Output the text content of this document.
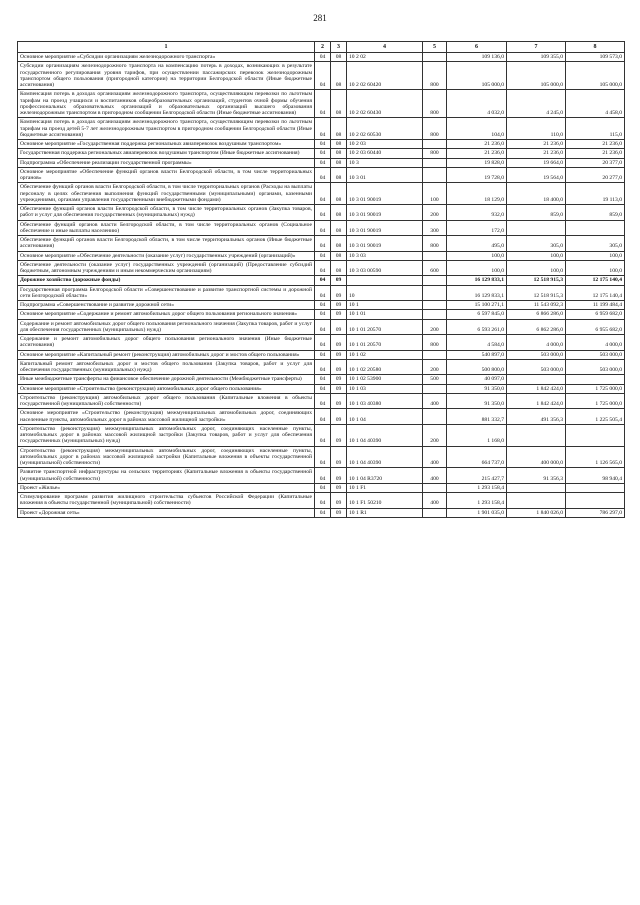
281
1	2	3	4	5	6	7	8
Основное мероприятие «Субсидии организациям железнодорожного транспорта»	04	08	10 2 02		109 136,0	109 355,0	109 573,0
Субсидии организациям железнодорожного транспорта на компенсацию потерь в доходах, возникающих в результате государственного регулирования уровня тарифов, при осуществлении пассажирских перевозок железнодорожным транспортом общего пользования (пригородной категории) на территории Белгородской области (Иные бюджетные ассигнования)	04	08	10 2 02 60420	800	105 000,0	105 000,0	105 000,0
Компенсация потерь в доходах организациям железнодорожного транспорта, осуществляющим перевозки по льготным тарифам на проезд учащихся и воспитанников общеобразовательных организаций, студентов очной формы обучения профессиональных образовательных организаций и образовательных организаций высшего образования железнодорожным транспортом в пригородном сообщении Белгородской области (Иные бюджетные ассигнования)	04	08	10 2 02 60430	800	4 032,0	4 245,0	4 458,0
Компенсация потерь в доходах организациям железнодорожного транспорта, осуществляющим перевозки по льготным тарифам на проезд детей 5-7 лет железнодорожным транспортом в пригородном сообщении Белгородской области (Иные бюджетные ассигнования)	04	08	10 2 02 60530	800	104,0	110,0	115,0
Основное мероприятие «Государственная поддержка региональных авиаперевозок воздушным транспортом»	04	08	10 2 03		21 236,0	21 236,0	21 236,0
Государственная поддержка региональных авиаперевозок воздушным транспортом (Иные бюджетные ассигнования)	04	08	10 2 03 60440	800	21 236,0	21 236,0	21 236,0
Подпрограмма «Обеспечение реализации государственной программы»	04	08	10 3		19 828,0	19 664,0	20 377,0
Основное мероприятие «Обеспечение функций органов власти Белгородской области, в том числе территориальных органов»	04	08	10 3 01		19 728,0	19 564,0	20 277,0
Обеспечение функций органов власти Белгородской области, в том числе территориальных органов (Расходы на выплаты персоналу в целях обеспечения выполнения функций государственными (муниципальными) органами, казенными учреждениями, органами управления государственными внебюджетными фондами)	04	08	10 3 01 90019	100	18 129,0	18 400,0	19 113,0
Обеспечение функций органов власти Белгородской области, в том числе территориальных органов (Закупка товаров, работ и услуг для обеспечения государственных (муниципальных) нужд)	04	08	10 3 01 90019	200	932,0	859,0	859,0
Обеспечение функций органов власти Белгородской области, в том числе территориальных органов (Социальное обеспечение и иные выплаты населению)	04	08	10 3 01 90019	300	172,0		
Обеспечение функций органов власти Белгородской области, в том числе территориальных органов (Иные бюджетные ассигнования)	04	08	10 3 01 90019	800	495,0	305,0	305,0
Основное мероприятие «Обеспечение деятельности (оказание услуг) государственных учреждений (организаций)»	04	08	10 3 03		100,0	100,0	100,0
Обеспечение деятельности (оказание услуг) государственных учреждений (организаций) (Предоставление субсидий бюджетным, автономным учреждениям и иным некоммерческим организациям)	04	08	10 3 03 00590	600	100,0	100,0	100,0
Дорожное хозяйство (дорожные фонды)	04	09			16 129 833,1	12 518 915,3	12 175 140,4
Государственная программа Белгородской области «Совершенствование и развитие транспортной системы и дорожной сети Белгородской области»	04	09	10		16 129 833,1	12 518 915,3	12 175 140,4
Подпрограмма «Совершенствование и развитие дорожной сети»	04	09	10 1		15 100 271,1	11 543 092,3	11 199 484,4
Основное мероприятие «Содержание и ремонт автомобильных дорог общего пользования регионального значения»	04	09	10 1 01		6 597 845,0	6 866 286,0	6 959 682,0
Содержание и ремонт автомобильных дорог общего пользования регионального значения (Закупка товаров, работ и услуг для обеспечения государственных (муниципальных) нужд)	04	09	10 1 01 20570	200	6 593 261,0	6 862 286,0	6 955 682,0
Содержание и ремонт автомобильных дорог общего пользования регионального значения (Иные бюджетные ассигнования)	04	09	10 1 01 20570	800	4 584,0	4 000,0	4 000,0
Основное мероприятие «Капитальный ремонт (реконструкция) автомобильных дорог и мостов общего пользования»	04	09	10 1 02		540 897,0	503 000,0	503 000,0
Капитальный ремонт автомобильных дорог и мостов общего пользования (Закупка товаров, работ и услуг для обеспечения государственных (муниципальных) нужд)	04	09	10 1 02 20580	200	500 800,0	503 000,0	503 000,0
Иные межбюджетные трансферты на финансовое обеспечение дорожной деятельности (Межбюджетные трансферты)	04	09	10 1 02 53900	500	40 097,0		
Основное мероприятие «Строительство (реконструкция) автомобильных дорог общего пользования»	04	09	10 1 03		91 350,0	1 842 424,0	1 725 000,0
Строительство (реконструкция) автомобильных дорог общего пользования (Капитальные вложения в объекты государственной (муниципальной) собственности)	04	09	10 1 03 40380	400	91 350,0	1 842 424,0	1 725 000,0
Основное мероприятие «Строительство (реконструкция) межмуниципальных автомобильных дорог, соединяющих населенные пункты, автомобильных дорог в районах массовой жилищной застройки»	04	09	10 1 04		881 332,7	491 356,3	1 225 505,4
Строительство (реконструкция) межмуниципальных автомобильных дорог, соединяющих населенные пункты, автомобильных дорог в районах массовой жилищной застройки (Закупка товаров, работ и услуг для обеспечения государственных (муниципальных) нужд)	04	09	10 1 04 40390	200	1 168,0		
Строительство (реконструкция) межмуниципальных автомобильных дорог, соединяющих населенные пункты, автомобильных дорог в районах массовой жилищной застройки (Капитальные вложения в объекты государственной (муниципальной) собственности)	04	09	10 1 04 40390	400	664 737,0	400 000,0	1 126 565,0
Развитие транспортной инфраструктуры на сельских территориях (Капитальные вложения в объекты государственной (муниципальной) собственности)	04	09	10 1 04 R3720	400	215 427,7	91 356,3	98 940,4
Проект «Жилье»	04	09	10 1 F1		1 293 158,4		
Стимулирование программ развития жилищного строительства субъектов Российской Федерации (Капитальные вложения в объекты государственной (муниципальной) собственности)	04	09	10 1 F1 50210	400	1 293 158,4		
Проект «Дорожная сеть»	04	09	10 1 R1		1 901 035,0	1 840 026,0	786 297,0
